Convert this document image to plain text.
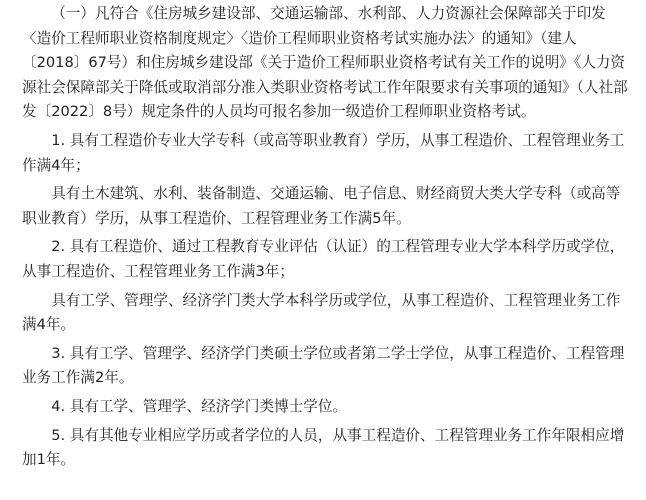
（一）凡符合《住房城乡建设部、交通运输部、水利部、人力资源社会保障部关于印发〈造价工程师职业资格制度规定〉〈造价工程师职业资格考试实施办法〉的通知》（建人〔2018〕67号）和住房城乡建设部《关于造价工程师职业资格考试有关工作的说明》《人力资源社会保障部关于降低或取消部分准入类职业资格考试工作年限要求有关事项的通知》（人社部发〔2022〕8号）规定条件的人员均可报名参加一级造价工程师职业资格考试。

1. 具有工程造价专业大学专科（或高等职业教育）学历，从事工程造价、工程管理业务工作满4年；

具有土木建筑、水利、装备制造、交通运输、电子信息、财经商贸大类大学专科（或高等职业教育）学历，从事工程造价、工程管理业务工作满5年。

2. 具有工程造价、通过工程教育专业评估（认证）的工程管理专业大学本科学历或学位，从事工程造价、工程管理业务工作满3年；

具有工学、管理学、经济学门类大学本科学历或学位，从事工程造价、工程管理业务工作满4年。

3. 具有工学、管理学、经济学门类硕士学位或者第二学士学位，从事工程造价、工程管理业务工作满2年。

4. 具有工学、管理学、经济学门类博士学位。

5. 具有其他专业相应学历或者学位的人员，从事工程造价、工程管理业务工作年限相应增加1年。
